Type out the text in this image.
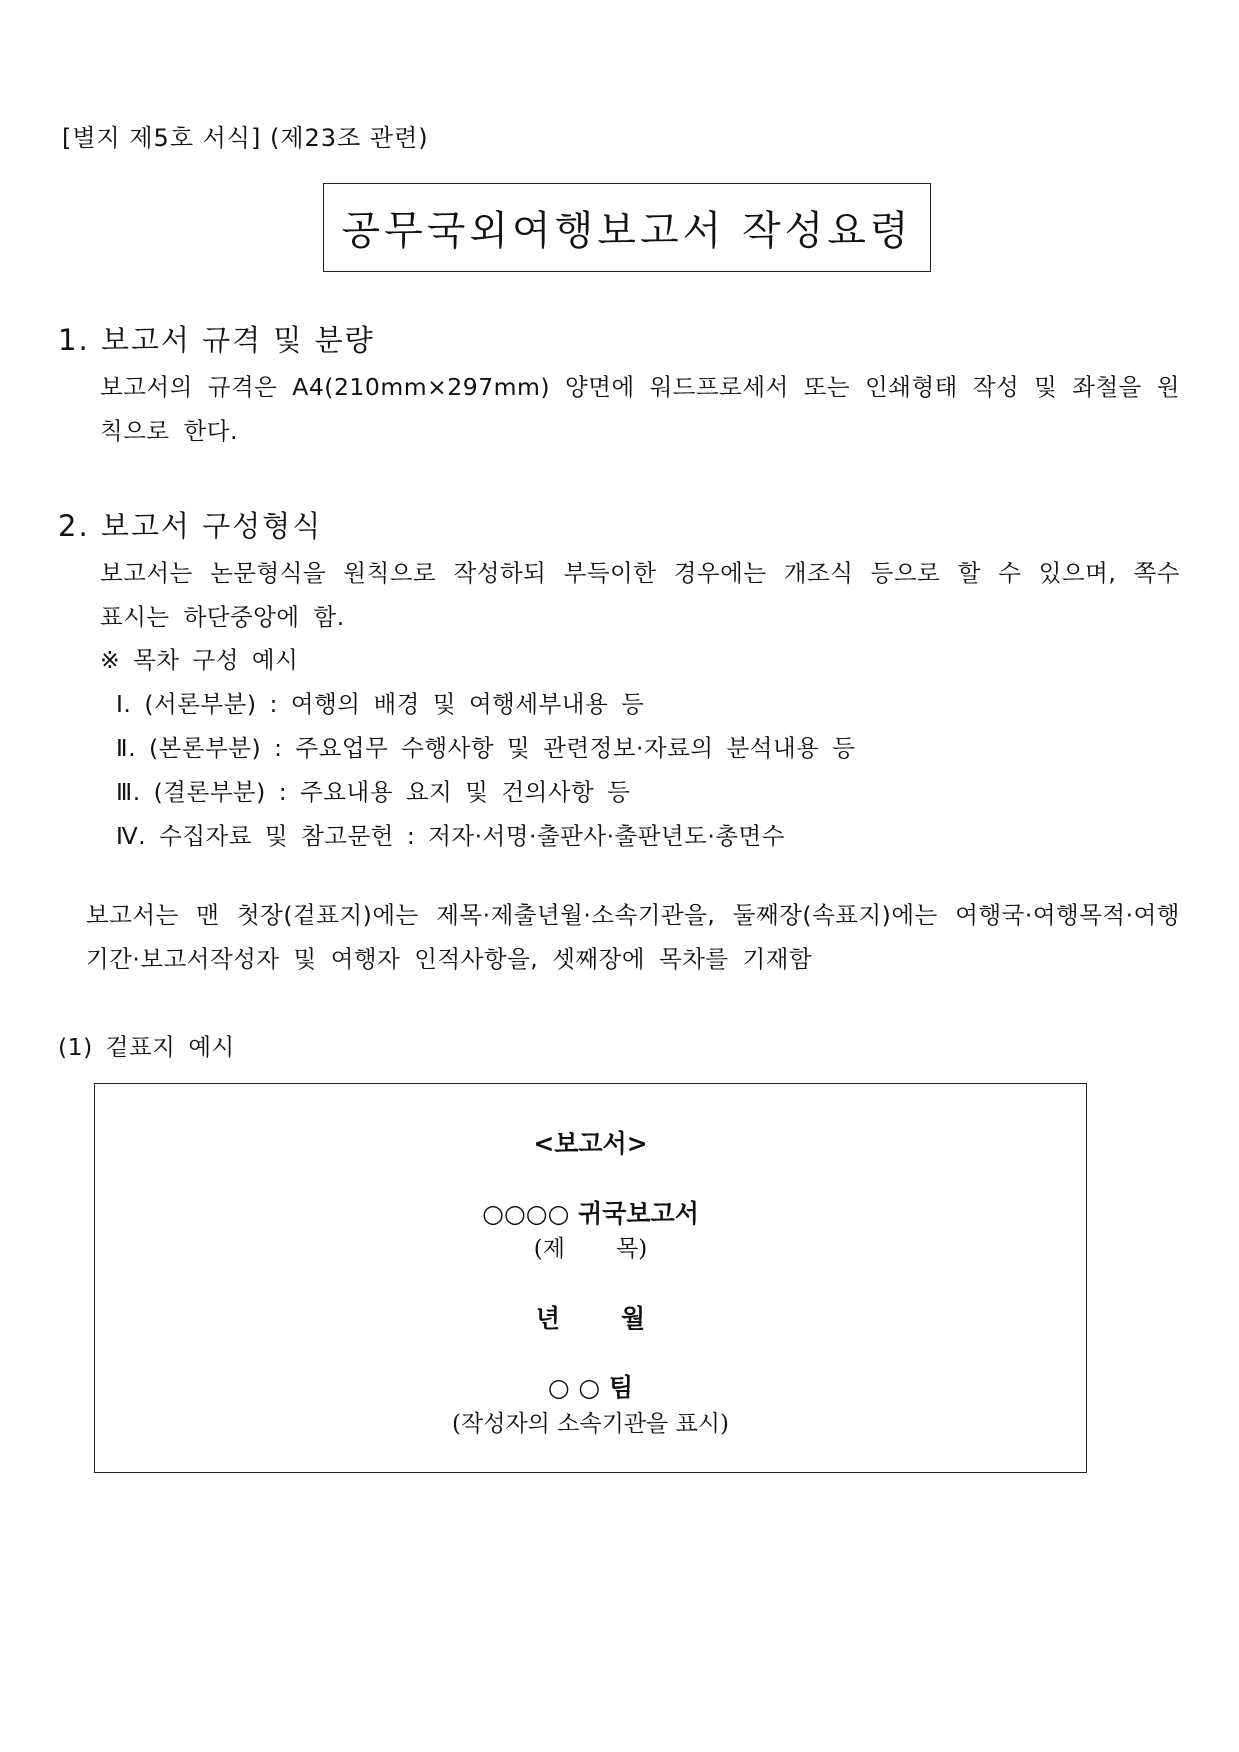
[별지 제5호 서식] (제23조 관련)
공무국외여행보고서 작성요령
1. 보고서 규격 및 분량
보고서의 규격은 A4(210mm×297mm) 양면에 워드프로세서 또는 인쇄형태 작성 및 좌철을 원칙으로 한다.
2. 보고서 구성형식
보고서는 논문형식을 원칙으로 작성하되 부득이한 경우에는 개조식 등으로 할 수 있으며, 쪽수 표시는 하단중앙에 함.
※ 목차 구성 예시
Ⅰ. (서론부분) : 여행의 배경 및 여행세부내용 등
Ⅱ. (본론부분) : 주요업무 수행사항 및 관련정보·자료의 분석내용 등
Ⅲ. (결론부분) : 주요내용 요지 및 건의사항 등
Ⅳ. 수집자료 및 참고문헌 : 저자·서명·출판사·출판년도·총면수
보고서는 맨 첫장(겉표지)에는 제목·제출년월·소속기관을, 둘째장(속표지)에는 여행국·여행목적·여행기간·보고서작성자 및 여행자 인적사항을, 셋째장에 목차를 기재함
(1) 겉표지 예시
<보고서>
○○○○ 귀국보고서
(제       목)
년       월
○ ○ 팀
(작성자의 소속기관을 표시)
